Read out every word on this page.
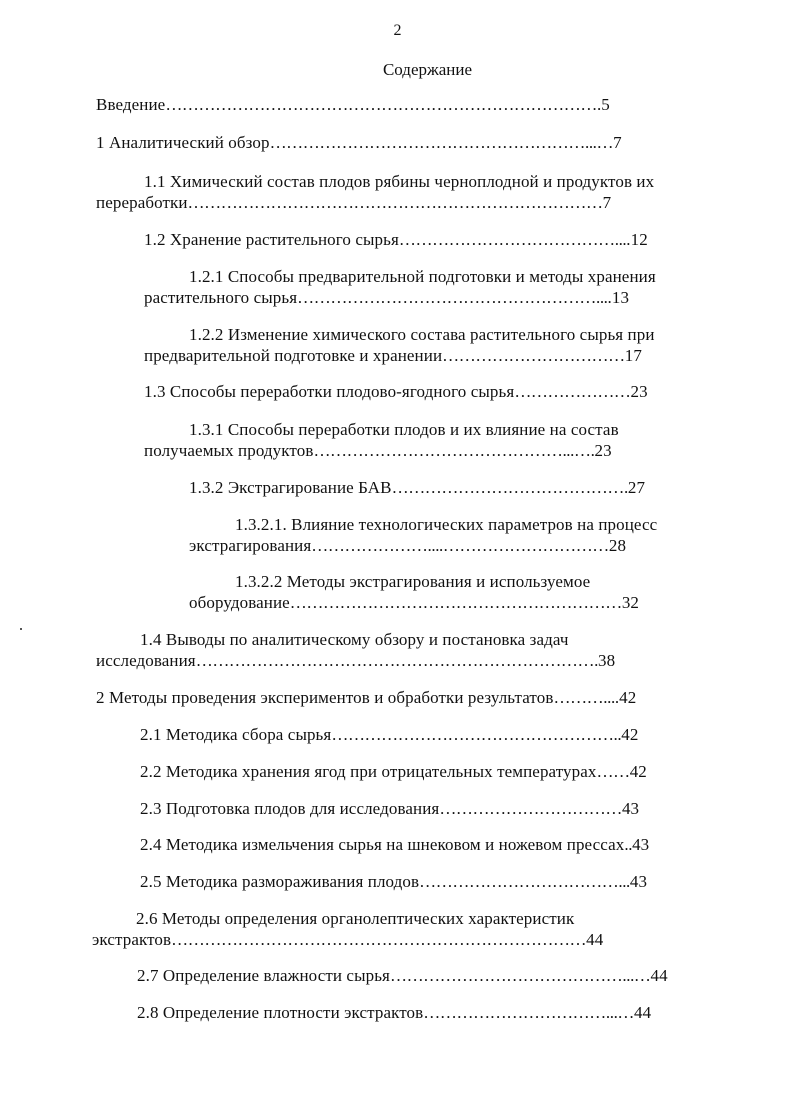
2
Содержание
Введение…………………………………………………………………….5
1 Аналитический обзор…………………………………………………...…7
1.1 Химический состав плодов рябины черноплодной и продуктов их
переработки…………………………………………………………………7
1.2 Хранение растительного сырья…………………………………....12
1.2.1 Способы предварительной подготовки и методы хранения
растительного сырья………………………………………………....13
1.2.2 Изменение химического состава растительного сырья при
предварительной подготовке и хранении……………………………17
1.3 Способы переработки плодово-ягодного сырья…………………23
1.3.1 Способы переработки плодов и их влияние на состав
получаемых продуктов………………………………………...….23
1.3.2 Экстрагирование БАВ…………………………………….27
1.3.2.1. Влияние технологических параметров на процесс
экстрагирования…………………....…………………………28
1.3.2.2 Методы экстрагирования и используемое
оборудование……………………………………………………32
1.4 Выводы по аналитическому обзору и постановка задач
исследования……………………………………………………………….38
2 Методы проведения экспериментов и обработки результатов………....42
2.1 Методика сбора сырья……………………………………………..42
2.2 Методика хранения ягод при отрицательных температурах……42
2.3 Подготовка плодов для исследования……………………………43
2.4 Методика измельчения сырья на шнековом и ножевом прессах..43
2.5 Методика размораживания плодов………………………………...43
2.6 Методы определения органолептических характеристик
экстрактов…………………………………………………………………44
2.7 Определение влажности сырья……………………………………...…44
2.8 Определение плотности экстрактов……………………………...…44
